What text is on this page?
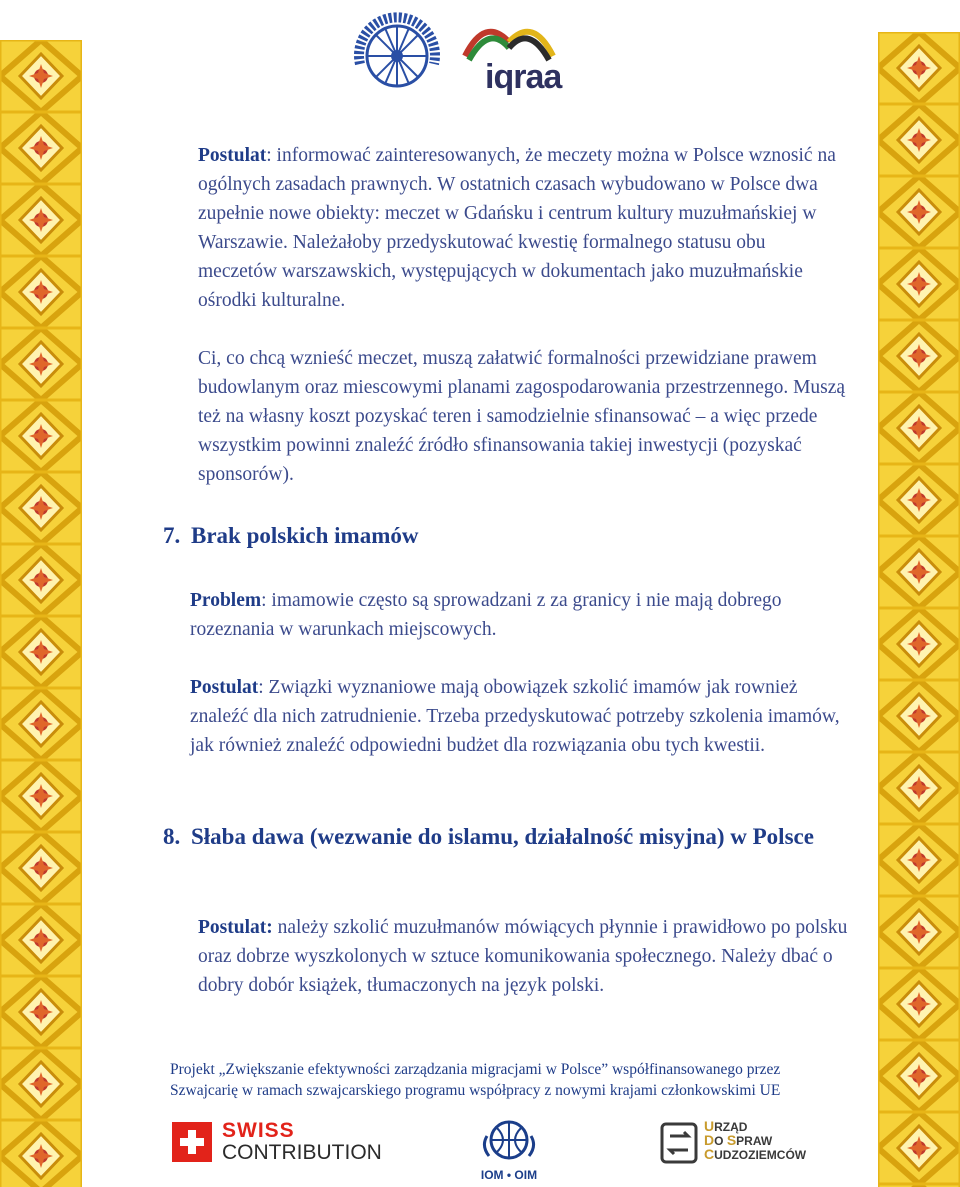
iqraa

Postulat: informować zainteresowanych, że meczety można w Polsce wznosić na ogólnych zasadach prawnych. W ostatnich czasach wybudowano w Polsce dwa zupełnie nowe obiekty: meczet w Gdańsku i centrum kultury muzułmańskiej w Warszawie. Należałoby przedyskutować kwestię formalnego statusu obu meczetów warszawskich, występujących w dokumentach jako muzułmańskie ośrodki kulturalne.

Ci, co chcą wznieść meczet, muszą załatwić formalności przewidziane prawem budowlanym oraz miescowymi planami zagospodarowania przestrzennego. Muszą też na własny koszt pozyskać teren i samodzielnie sfinansować – a więc przede wszystkim powinni znaleźć źródło sfinansowania takiej inwestycji (pozyskać sponsorów).

7. Brak polskich imamów

Problem: imamowie często są sprowadzani z za granicy i nie mają dobrego rozeznania w warunkach miejscowych.

Postulat: Związki wyznaniowe mają obowiązek szkolić imamów jak rownież znaleźć dla nich zatrudnienie. Trzeba przedyskutować potrzeby szkolenia imamów, jak również znaleźć odpowiedni budżet dla rozwiązania obu tych kwestii.

8. Słaba dawa (wezwanie do islamu, działalność misyjna) w Polsce

Postulat: należy szkolić muzułmanów mówiących płynnie i prawidłowo po polsku oraz dobrze wyszkolonych w sztuce komunikowania społecznego. Należy dbać o dobry dobór książek, tłumaczonych na język polski.

Projekt „Zwiększanie efektywności zarządzania migracjami w Polsce” współfinansowanego przez
Szwajcarię w ramach szwajcarskiego programu współpracy z nowymi krajami członkowskimi UE
SWISS
CONTRIBUTION
IOM • OIM
URZĄD
DO SPRAW
CUDZOZIEMCÓW
